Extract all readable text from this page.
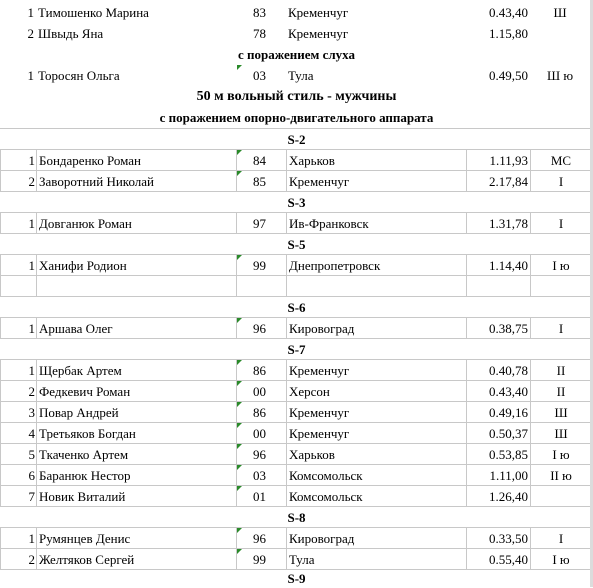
1 Тимошенко Марина	83	Кременчуг	0.43,40	Ш
2 Швыдь Яна	78	Кременчуг	1.15,80
с поражением слуха
1 Торосян Ольга	03	Тула	0.49,50	Ш ю
50 м вольный стиль - мужчины
с поражением опорно-двигательного аппарата
S-2
1 Бондаренко Роман	84	Харьков	1.11,93	МС
2 Заворотний Николай	85	Кременчуг	2.17,84	I
S-3
1 Довганюк Роман	97	Ив-Франковск	1.31,78	I
S-5
1 Ханифи Родион	99	Днепропетровск	1.14,40	I ю
S-6
1 Аршава Олег	96	Кировоград	0.38,75	I
S-7
1 Щербак Артем	86	Кременчуг	0.40,78	II
2 Федкевич Роман	00	Херсон	0.43,40	II
3 Повар Андрей	86	Кременчуг	0.49,16	Ш
4 Третьяков Богдан	00	Кременчуг	0.50,37	Ш
5 Ткаченко Артем	96	Харьков	0.53,85	I ю
6 Баранюк Нестор	03	Комсомольск	1.11,00	II ю
7 Новик Виталий	01	Комсомольск	1.26,40
S-8
1 Румянцев Денис	96	Кировоград	0.33,50	I
2 Желтяков Сергей	99	Тула	0.55,40	I ю
S-9
